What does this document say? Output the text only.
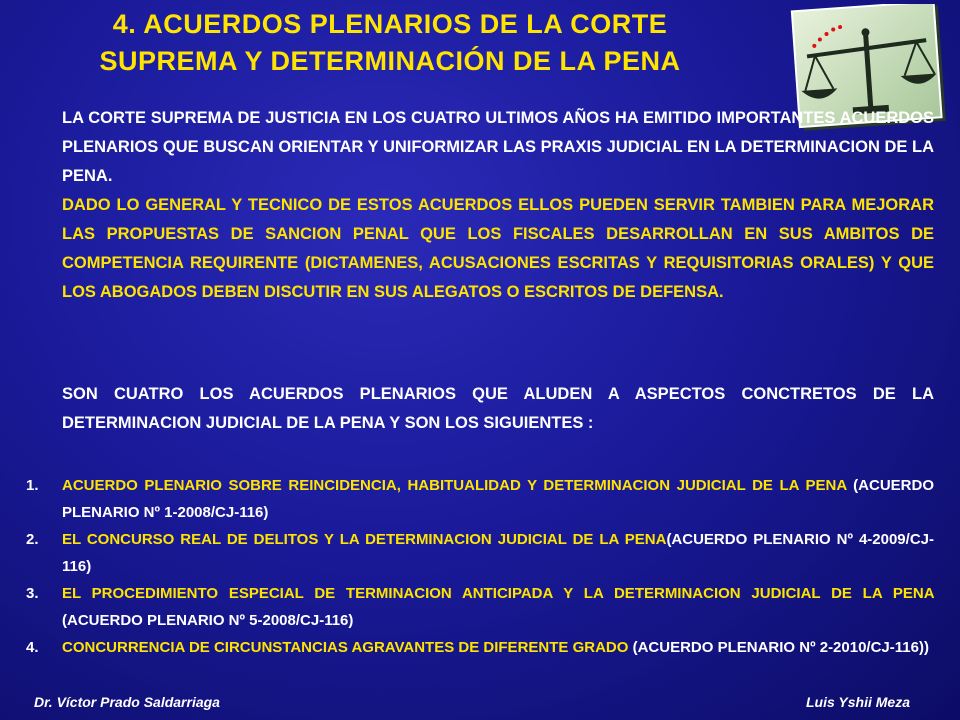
4. ACUERDOS PLENARIOS DE LA CORTE
SUPREMA Y DETERMINACIÓN DE LA PENA

LA CORTE SUPREMA DE JUSTICIA EN LOS CUATRO ULTIMOS AÑOS HA EMITIDO IMPORTANTES ACUERDOS PLENARIOS QUE BUSCAN ORIENTAR Y UNIFORMIZAR LAS PRAXIS JUDICIAL EN LA DETERMINACION DE LA PENA.

DADO LO GENERAL Y TECNICO DE ESTOS ACUERDOS ELLOS PUEDEN SERVIR TAMBIEN PARA MEJORAR LAS PROPUESTAS DE SANCION PENAL QUE LOS FISCALES DESARROLLAN EN SUS AMBITOS DE COMPETENCIA REQUIRENTE (DICTAMENES, ACUSACIONES ESCRITAS Y REQUISITORIAS ORALES) Y QUE LOS ABOGADOS DEBEN DISCUTIR EN SUS ALEGATOS O ESCRITOS DE DEFENSA.

SON CUATRO LOS ACUERDOS PLENARIOS QUE ALUDEN A ASPECTOS CONCTRETOS DE LA DETERMINACION JUDICIAL DE LA PENA Y SON LOS SIGUIENTES :

1. ACUERDO PLENARIO SOBRE REINCIDENCIA, HABITUALIDAD Y DETERMINACION JUDICIAL DE LA PENA (ACUERDO PLENARIO Nº 1-2008/CJ-116)
2. EL CONCURSO REAL DE DELITOS Y LA DETERMINACION JUDICIAL DE LA PENA(ACUERDO PLENARIO Nº 4-2009/CJ-116)
3. EL PROCEDIMIENTO ESPECIAL DE TERMINACION ANTICIPADA Y LA DETERMINACION JUDICIAL DE LA PENA (ACUERDO PLENARIO Nº 5-2008/CJ-116)
4. CONCURRENCIA DE CIRCUNSTANCIAS AGRAVANTES DE DIFERENTE GRADO (ACUERDO PLENARIO Nº 2-2010/CJ-116))
Dr. Víctor Prado Saldarriaga	Luis Yshii Meza
